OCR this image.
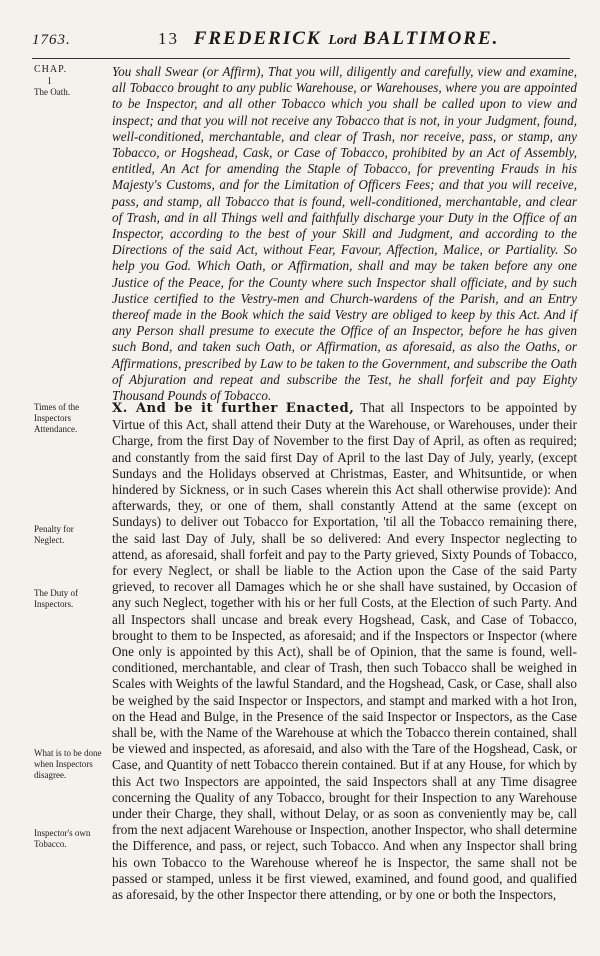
1763.	13 FREDERICK Lord BALTIMORE.
CHAP.
I
The Oath.
Times of the Inspectors Attendance.
Penalty for Neglect.
The Duty of Inspectors.
What is to be done when Inspectors disagree.
Inspector's own Tobacco.

You shall Swear (or Affirm), That you will, diligently and carefully, view and examine, all Tobacco brought to any public Warehouse, or Warehouses, where you are appointed to be Inspector, and all other Tobacco which you shall be called upon to view and inspect; and that you will not receive any Tobacco that is not, in your Judgment, found, well-conditioned, merchantable, and clear of Trash, nor receive, pass, or stamp, any Tobacco, or Hogshead, Cask, or Case of Tobacco, prohibited by an Act of Assembly, entitled, An Act for amending the Staple of Tobacco, for preventing Frauds in his Majesty's Customs, and for the Limitation of Officers Fees; and that you will receive, pass, and stamp, all Tobacco that is found, well-conditioned, merchantable, and clear of Trash, and in all Things well and faithfully discharge your Duty in the Office of an Inspector, according to the best of your Skill and Judgment, and according to the Directions of the said Act, without Fear, Favour, Affection, Malice, or Partiality. So help you God. Which Oath, or Affirmation, shall and may be taken before any one Justice of the Peace, for the County where such Inspector shall officiate, and by such Justice certified to the Vestry-men and Church-wardens of the Parish, and an Entry thereof made in the Book which the said Vestry are obliged to keep by this Act. And if any Person shall presume to execute the Office of an Inspector, before he has given such Bond, and taken such Oath, or Affirmation, as aforesaid, as also the Oaths, or Affirmations, prescribed by Law to be taken to the Government, and subscribe the Oath of Abjuration and repeat and subscribe the Test, he shall forfeit and pay Eighty Thousand Pounds of Tobacco.

X. And be it further Enacted, That all Inspectors to be appointed by Virtue of this Act, shall attend their Duty at the Warehouse, or Warehouses, under their Charge, from the first Day of November to the first Day of April, as often as required; and constantly from the said first Day of April to the last Day of July, yearly, (except Sundays and the Holidays observed at Christmas, Easter, and Whitsuntide, or when hindered by Sickness, or in such Cases wherein this Act shall otherwise provide): And afterwards, they, or one of them, shall constantly Attend at the same (except on Sundays) to deliver out Tobacco for Exportation, 'til all the Tobacco remaining there, the said last Day of July, shall be so delivered: And every Inspector neglecting to attend, as aforesaid, shall forfeit and pay to the Party grieved, Sixty Pounds of Tobacco, for every Neglect, or shall be liable to the Action upon the Case of the said Party grieved, to recover all Damages which he or she shall have sustained, by Occasion of any such Neglect, together with his or her full Costs, at the Election of such Party. And all Inspectors shall uncase and break every Hogshead, Cask, and Case of Tobacco, brought to them to be Inspected, as aforesaid; and if the Inspectors or Inspector (where One only is appointed by this Act), shall be of Opinion, that the same is found, well-conditioned, merchantable, and clear of Trash, then such Tobacco shall be weighed in Scales with Weights of the lawful Standard, and the Hogshead, Cask, or Case, shall also be weighed by the said Inspector or Inspectors, and stampt and marked with a hot Iron, on the Head and Bulge, in the Presence of the said Inspector or Inspectors, as the Case shall be, with the Name of the Warehouse at which the Tobacco therein contained, shall be viewed and inspected, as aforesaid, and also with the Tare of the Hogshead, Cask, or Case, and Quantity of nett Tobacco therein contained. But if at any House, for which by this Act two Inspectors are appointed, the said Inspectors shall at any Time disagree concerning the Quality of any Tobacco, brought for their Inspection to any Warehouse under their Charge, they shall, without Delay, or as soon as conveniently may be, call from the next adjacent Warehouse or Inspection, another Inspector, who shall determine the Difference, and pass, or reject, such Tobacco. And when any Inspector shall bring his own Tobacco to the Warehouse whereof he is Inspector, the same shall not be passed or stamped, unless it be first viewed, examined, and found good, and qualified as aforesaid, by the other Inspector there attending, or by one or both the Inspectors,
